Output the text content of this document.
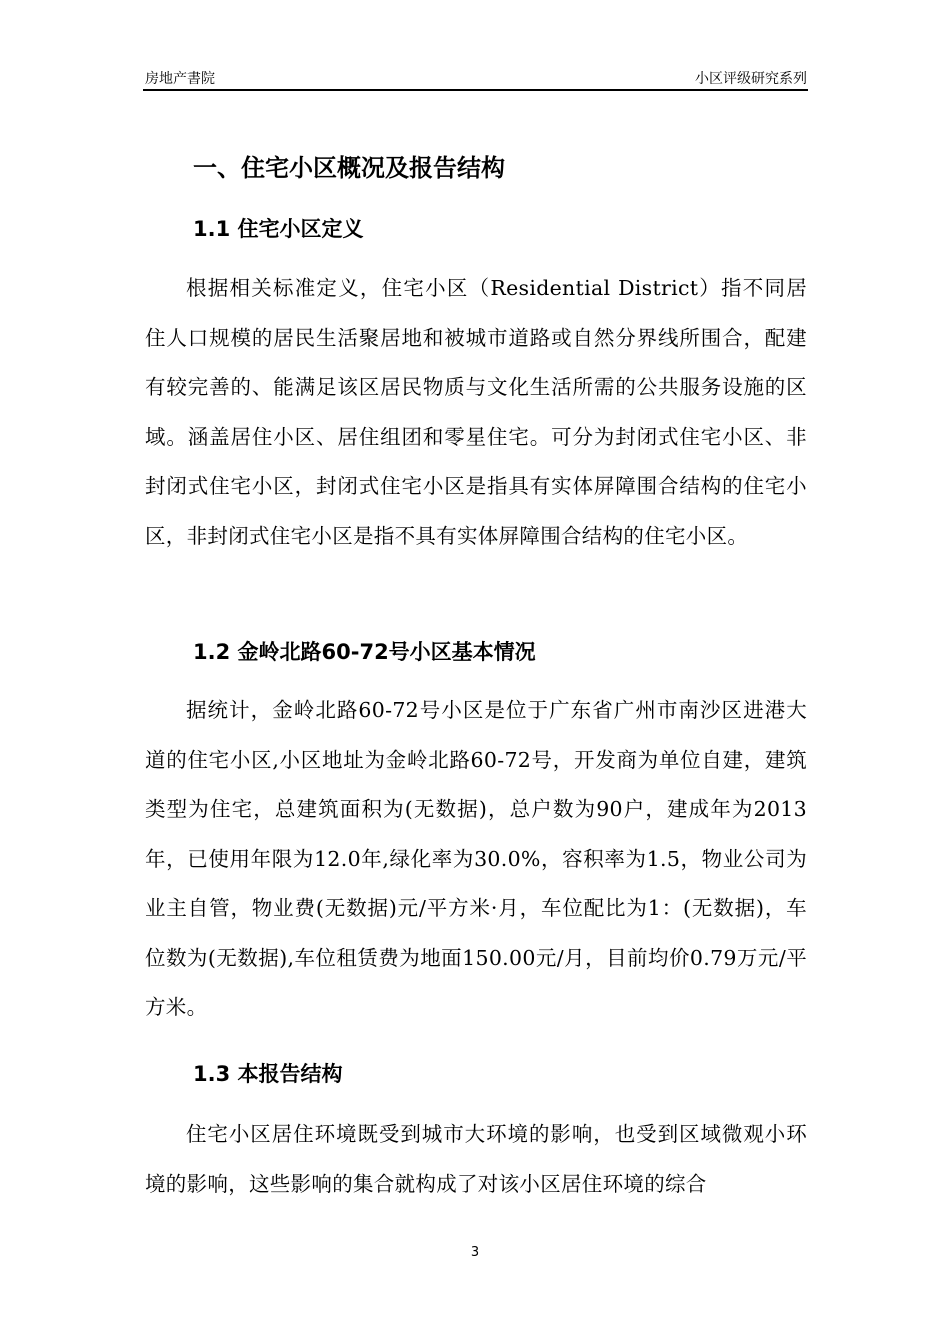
房地产書院	小区评级研究系列
一、住宅小区概况及报告结构
1.1 住宅小区定义
根据相关标准定义，住宅小区（Residential District）指不同居住人口规模的居民生活聚居地和被城市道路或自然分界线所围合，配建有较完善的、能满足该区居民物质与文化生活所需的公共服务设施的区域。涵盖居住小区、居住组团和零星住宅。可分为封闭式住宅小区、非封闭式住宅小区，封闭式住宅小区是指具有实体屏障围合结构的住宅小区，非封闭式住宅小区是指不具有实体屏障围合结构的住宅小区。
1.2 金岭北路60-72号小区基本情况
据统计，金岭北路60-72号小区是位于广东省广州市南沙区进港大道的住宅小区,小区地址为金岭北路60-72号，开发商为单位自建，建筑类型为住宅，总建筑面积为(无数据)，总户数为90户，建成年为2013年，已使用年限为12.0年,绿化率为30.0%，容积率为1.5，物业公司为业主自管，物业费(无数据)元/平方米·月，车位配比为1：(无数据)，车位数为(无数据),车位租赁费为地面150.00元/月，目前均价0.79万元/平方米。
1.3 本报告结构
住宅小区居住环境既受到城市大环境的影响，也受到区域微观小环境的影响，这些影响的集合就构成了对该小区居住环境的综合
3
